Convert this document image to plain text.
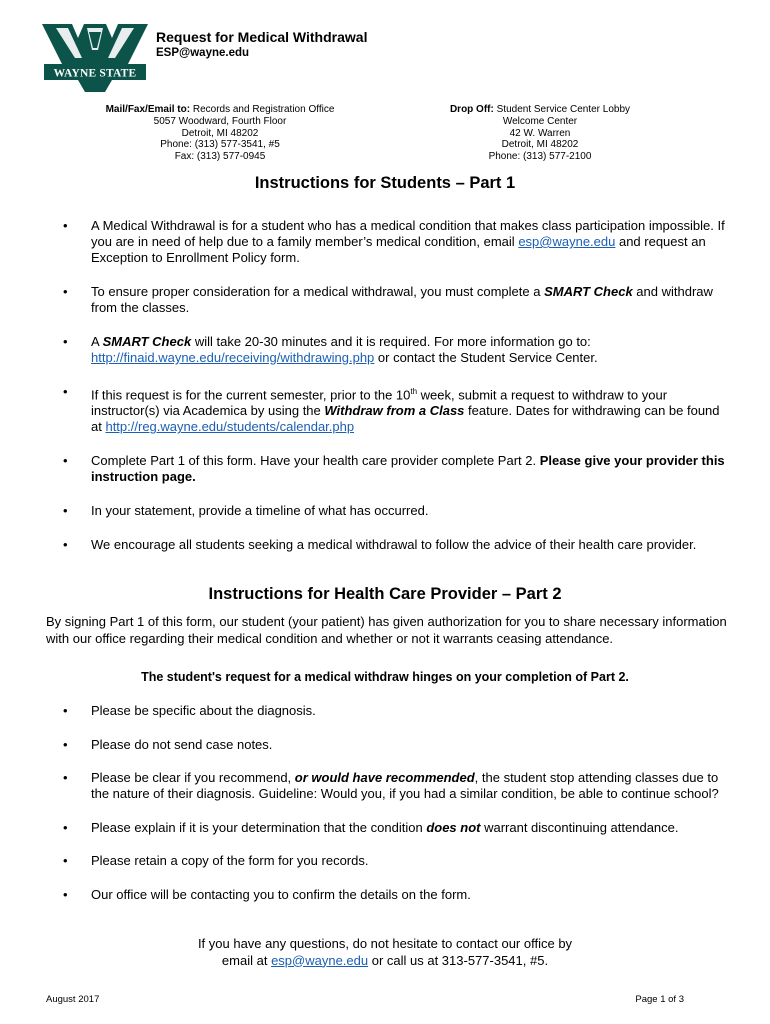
WAYNE STATE
Request for Medical Withdrawal
ESP@wayne.edu
Mail/Fax/Email to: Records and Registration Office
5057 Woodward, Fourth Floor
Detroit, MI 48202
Phone: (313) 577-3541, #5
Fax: (313) 577-0945
Drop Off: Student Service Center Lobby
Welcome Center
42 W. Warren
Detroit, MI 48202
Phone: (313) 577-2100
Instructions for Students – Part 1
• A Medical Withdrawal is for a student who has a medical condition that makes class participation impossible. If you are in need of help due to a family member’s medical condition, email esp@wayne.edu and request an Exception to Enrollment Policy form.
• To ensure proper consideration for a medical withdrawal, you must complete a SMART Check and withdraw from the classes.
• A SMART Check will take 20-30 minutes and it is required. For more information go to:
http://finaid.wayne.edu/receiving/withdrawing.php or contact the Student Service Center.
• If this request is for the current semester, prior to the 10th week, submit a request to withdraw to your instructor(s) via Academica by using the Withdraw from a Class feature. Dates for withdrawing can be found at http://reg.wayne.edu/students/calendar.php
• Complete Part 1 of this form. Have your health care provider complete Part 2. Please give your provider this instruction page.
• In your statement, provide a timeline of what has occurred.
• We encourage all students seeking a medical withdrawal to follow the advice of their health care provider.
Instructions for Health Care Provider – Part 2
By signing Part 1 of this form, our student (your patient) has given authorization for you to share necessary information with our office regarding their medical condition and whether or not it warrants ceasing attendance.
The student's request for a medical withdraw hinges on your completion of Part 2.
• Please be specific about the diagnosis.
• Please do not send case notes.
• Please be clear if you recommend, or would have recommended, the student stop attending classes due to the nature of their diagnosis. Guideline: Would you, if you had a similar condition, be able to continue school?
• Please explain if it is your determination that the condition does not warrant discontinuing attendance.
• Please retain a copy of the form for you records.
• Our office will be contacting you to confirm the details on the form.
If you have any questions, do not hesitate to contact our office by
email at esp@wayne.edu or call us at 313-577-3541, #5.
August 2017	Page 1 of 3
